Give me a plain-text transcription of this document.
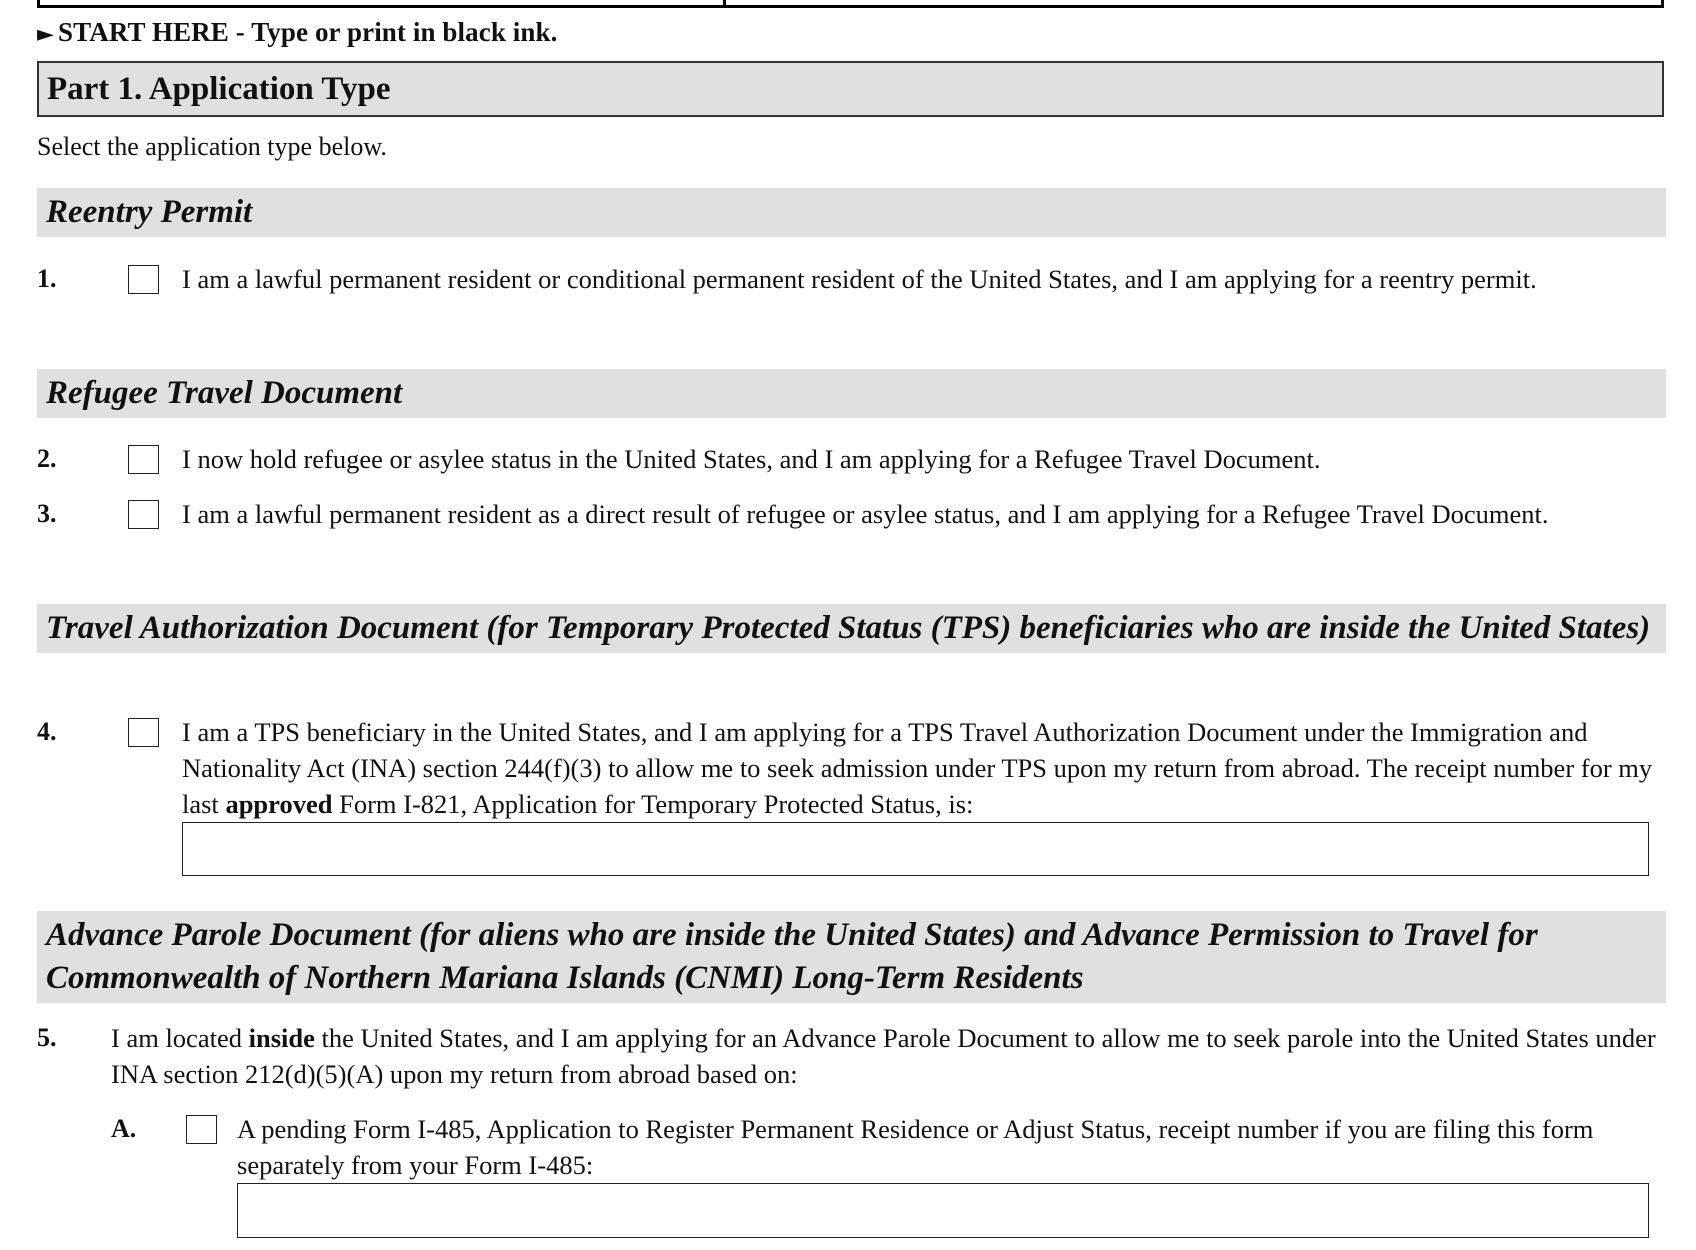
► START HERE - Type or print in black ink.
Part 1. Application Type
Select the application type below.
Reentry Permit
1.	I am a lawful permanent resident or conditional permanent resident of the United States, and I am applying for a reentry permit.
Refugee Travel Document
2.	I now hold refugee or asylee status in the United States, and I am applying for a Refugee Travel Document.
3.	I am a lawful permanent resident as a direct result of refugee or asylee status, and I am applying for a Refugee Travel Document.
Travel Authorization Document (for Temporary Protected Status (TPS) beneficiaries who are inside the United States)
4.	I am a TPS beneficiary in the United States, and I am applying for a TPS Travel Authorization Document under the Immigration and Nationality Act (INA) section 244(f)(3) to allow me to seek admission under TPS upon my return from abroad. The receipt number for my last approved Form I-821, Application for Temporary Protected Status, is:
Advance Parole Document (for aliens who are inside the United States) and Advance Permission to Travel for Commonwealth of Northern Mariana Islands (CNMI) Long-Term Residents
5. I am located inside the United States, and I am applying for an Advance Parole Document to allow me to seek parole into the United States under INA section 212(d)(5)(A) upon my return from abroad based on:
A.	A pending Form I-485, Application to Register Permanent Residence or Adjust Status, receipt number if you are filing this form separately from your Form I-485:
